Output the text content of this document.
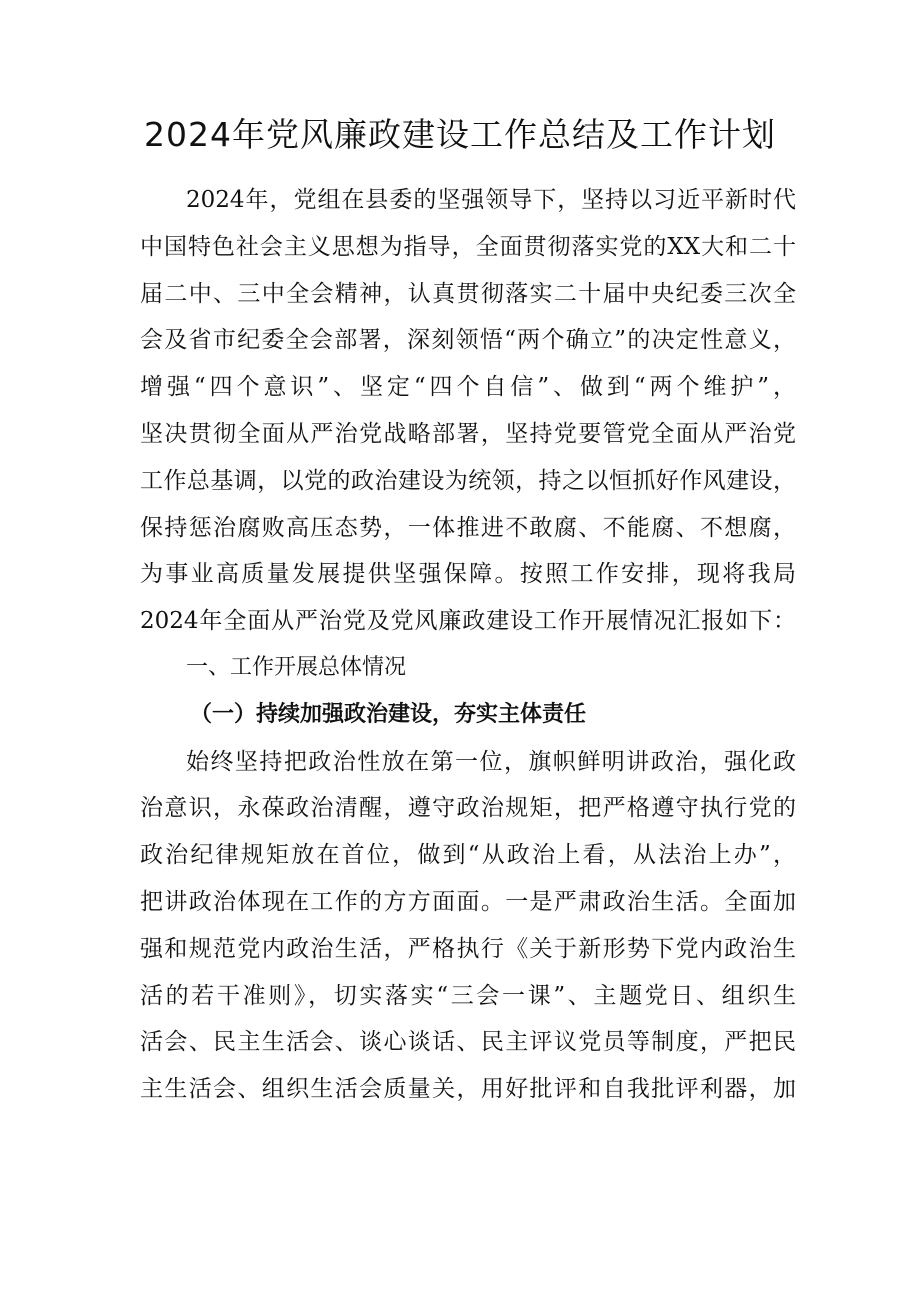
2024年党风廉政建设工作总结及工作计划
2024年，党组在县委的坚强领导下，坚持以习近平新时代
中国特色社会主义思想为指导，全面贯彻落实党的XX大和二十
届二中、三中全会精神，认真贯彻落实二十届中央纪委三次全
会及省市纪委全会部署，深刻领悟“两个确立”的决定性意义，
增强“四个意识”、坚定“四个自信”、做到“两个维护”，
坚决贯彻全面从严治党战略部署，坚持党要管党全面从严治党
工作总基调，以党的政治建设为统领，持之以恒抓好作风建设，
保持惩治腐败高压态势，一体推进不敢腐、不能腐、不想腐，
为事业高质量发展提供坚强保障。按照工作安排，现将我局
2024年全面从严治党及党风廉政建设工作开展情况汇报如下：
一、工作开展总体情况
（一）持续加强政治建设，夯实主体责任
始终坚持把政治性放在第一位，旗帜鲜明讲政治，强化政
治意识，永葆政治清醒，遵守政治规矩，把严格遵守执行党的
政治纪律规矩放在首位，做到“从政治上看，从法治上办”，
把讲政治体现在工作的方方面面。一是严肃政治生活。全面加
强和规范党内政治生活，严格执行《关于新形势下党内政治生
活的若干准则》，切实落实“三会一课”、主题党日、组织生
活会、民主生活会、谈心谈话、民主评议党员等制度，严把民
主生活会、组织生活会质量关，用好批评和自我批评利器，加
